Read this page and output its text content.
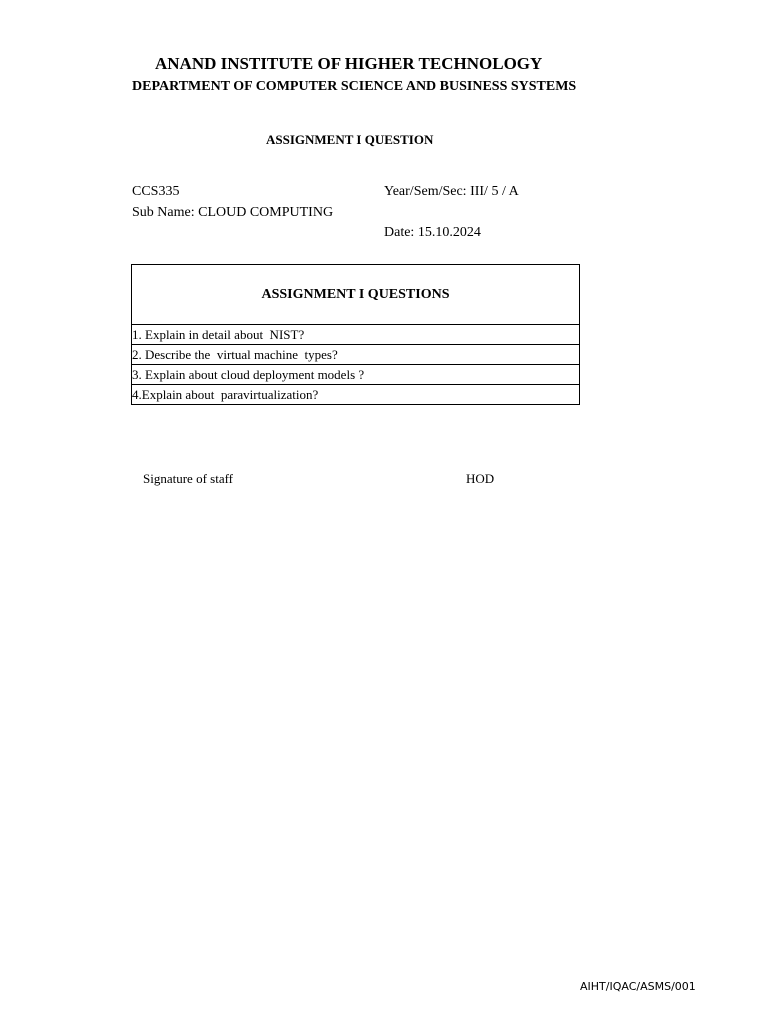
ANAND INSTITUTE OF HIGHER TECHNOLOGY
DEPARTMENT OF COMPUTER SCIENCE AND BUSINESS SYSTEMS
ASSIGNMENT I QUESTION
CCS335
Sub Name: CLOUD COMPUTING
Year/Sem/Sec: III/ 5 / A
Date: 15.10.2024
ASSIGNMENT I QUESTIONS
1. Explain in detail about  NIST?
2. Describe the  virtual machine  types?
3. Explain about cloud deployment models ?
4.Explain about  paravirtualization?
Signature of staff	HOD
AIHT/IQAC/ASMS/001
